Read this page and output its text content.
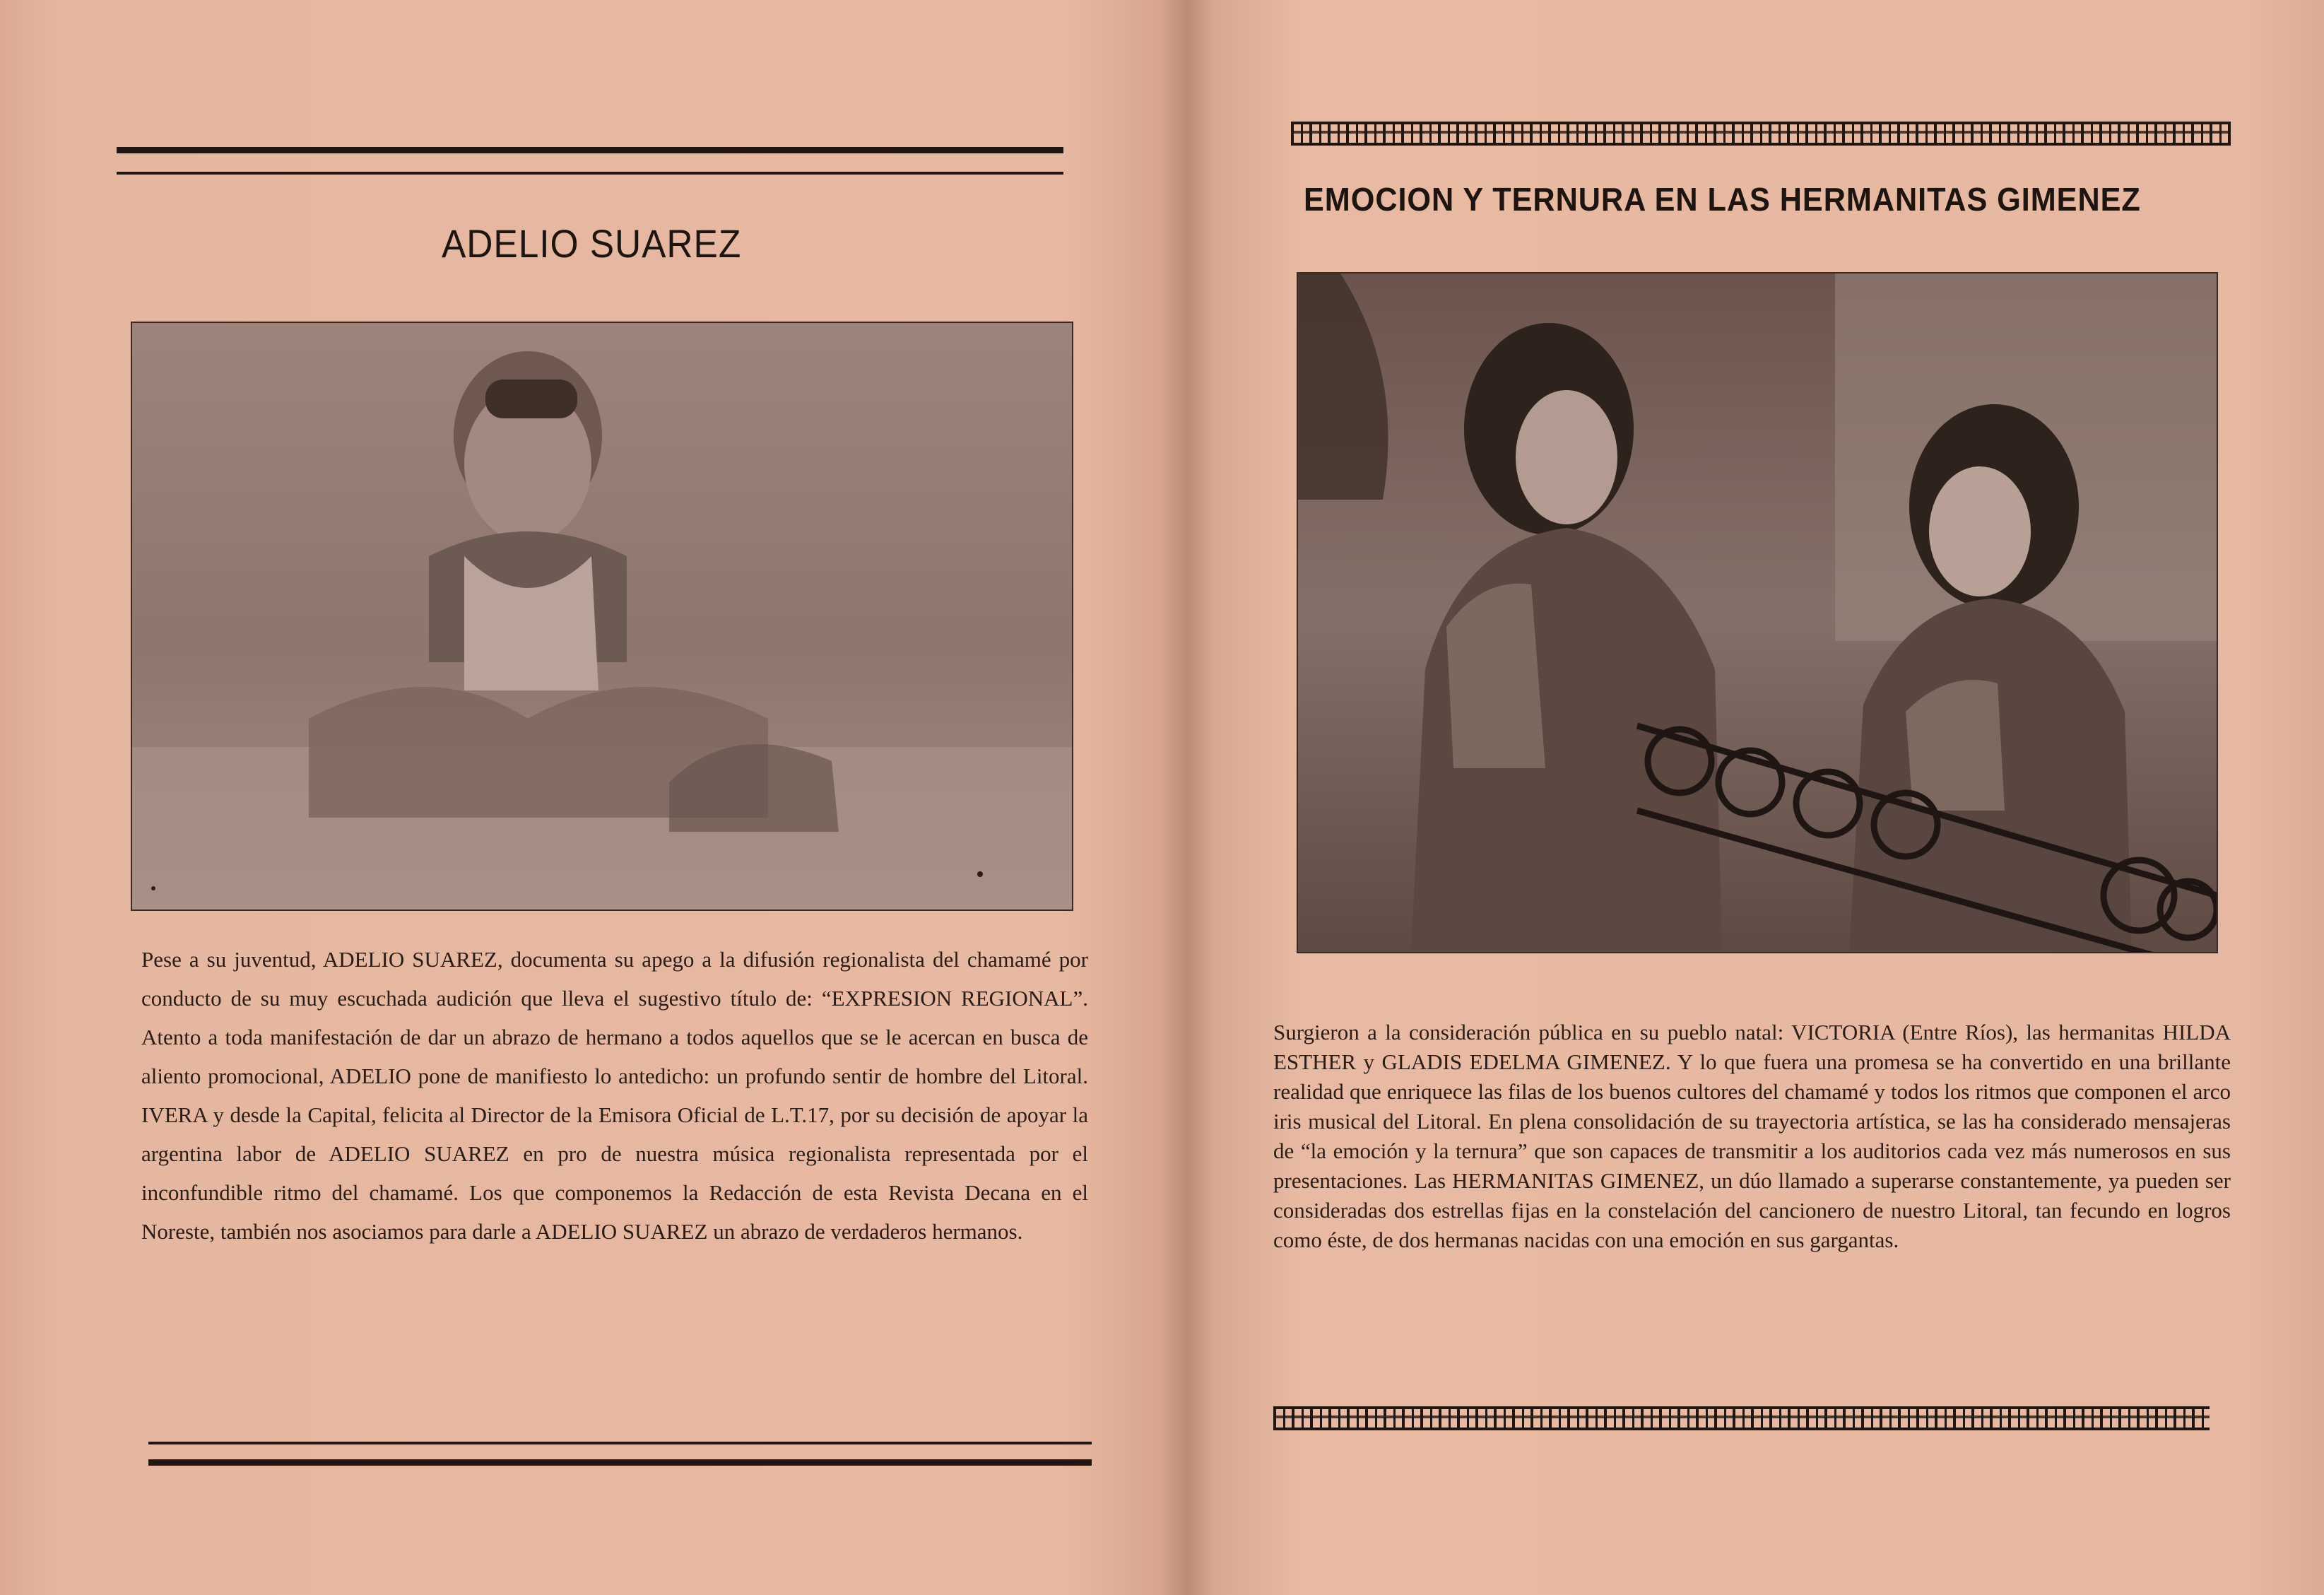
ADELIO SUAREZ

Pese a su juventud, ADELIO SUAREZ, documenta su apego a la difusión regionalista del chamamé por conducto de su muy escuchada audición que lleva el sugestivo título de: “EXPRESION REGIONAL”. Atento a toda manifestación de dar un abrazo de hermano a todos aquellos que se le acercan en busca de aliento promocional, ADELIO pone de manifiesto lo antedicho: un profundo sentir de hombre del Litoral. IVERA y desde la Capital, felicita al Director de la Emisora Oficial de L.T.17, por su decisión de apoyar la argentina labor de ADELIO SUAREZ en pro de nuestra música regionalista representada por el inconfundible ritmo del chamamé. Los que componemos la Redacción de esta Revista Decana en el Noreste, también nos asociamos para darle a ADELIO SUAREZ un abrazo de verdaderos hermanos.

EMOCION Y TERNURA EN LAS HERMANITAS GIMENEZ

Surgieron a la consideración pública en su pueblo natal: VICTORIA (Entre Ríos), las hermanitas HILDA ESTHER y GLADIS EDELMA GIMENEZ. Y lo que fuera una promesa se ha convertido en una brillante realidad que enriquece las filas de los buenos cultores del chamamé y todos los ritmos que componen el arco iris musical del Litoral. En plena consolidación de su trayectoria artística, se las ha considerado mensajeras de “la emoción y la ternura” que son capaces de transmitir a los auditorios cada vez más numerosos en sus presentaciones. Las HERMANITAS GIMENEZ, un dúo llamado a superarse constantemente, ya pueden ser consideradas dos estrellas fijas en la constelación del cancionero de nuestro Litoral, tan fecundo en logros como éste, de dos hermanas nacidas con una emoción en sus gargantas.
